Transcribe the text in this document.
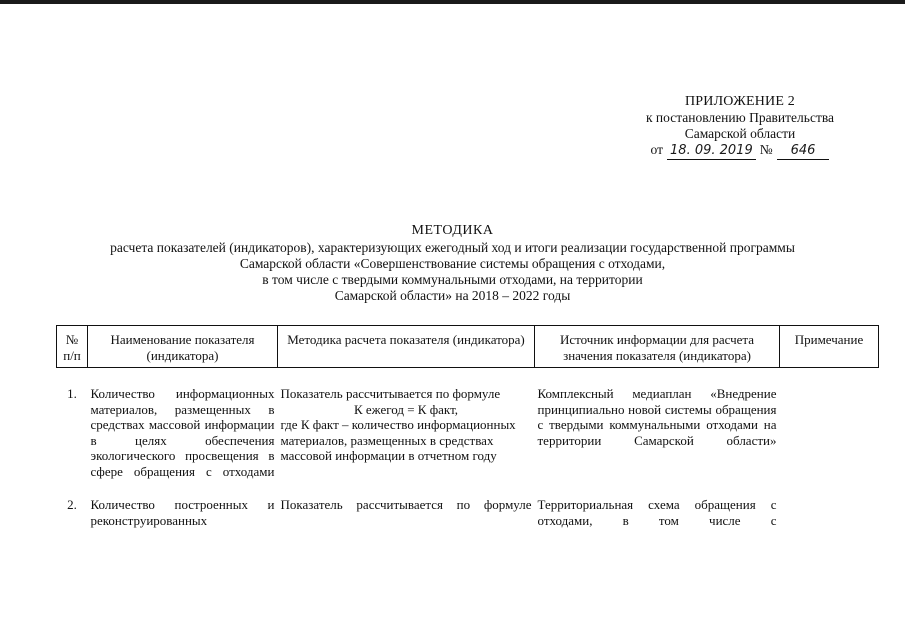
ПРИЛОЖЕНИЕ 2
к постановлению Правительства
Самарской области
от 18. 09. 2019 №	646
МЕТОДИКА
расчета показателей (индикаторов), характеризующих ежегодный ход и итоги реализации государственной программы
Самарской области «Совершенствование системы обращения с отходами,
в том числе с твердыми коммунальными отходами, на территории
Самарской области» на 2018 – 2022 годы
№ п/п	Наименование показателя (индикатора)	Методика расчета показателя (индикатора)	Источник информации для расчета значения показателя (индикатора)	Примечание

1.	Количество информационных материалов, размещенных в средствах массовой информации в целях обеспечения экологического просвещения в сфере обращения с отходами	Показатель рассчитывается по формуле
К ежегод = К факт,
где К факт – количество информационных материалов, размещенных в средствах массовой информации в отчетном году	Комплексный медиаплан «Внедрение принципиально новой системы обращения с твердыми коммунальными отходами на территории Самарской области»	

2.	Количество построенных и реконструированных	Показатель рассчитывается по формуле	Территориальная схема обращения с отходами, в том числе с	
